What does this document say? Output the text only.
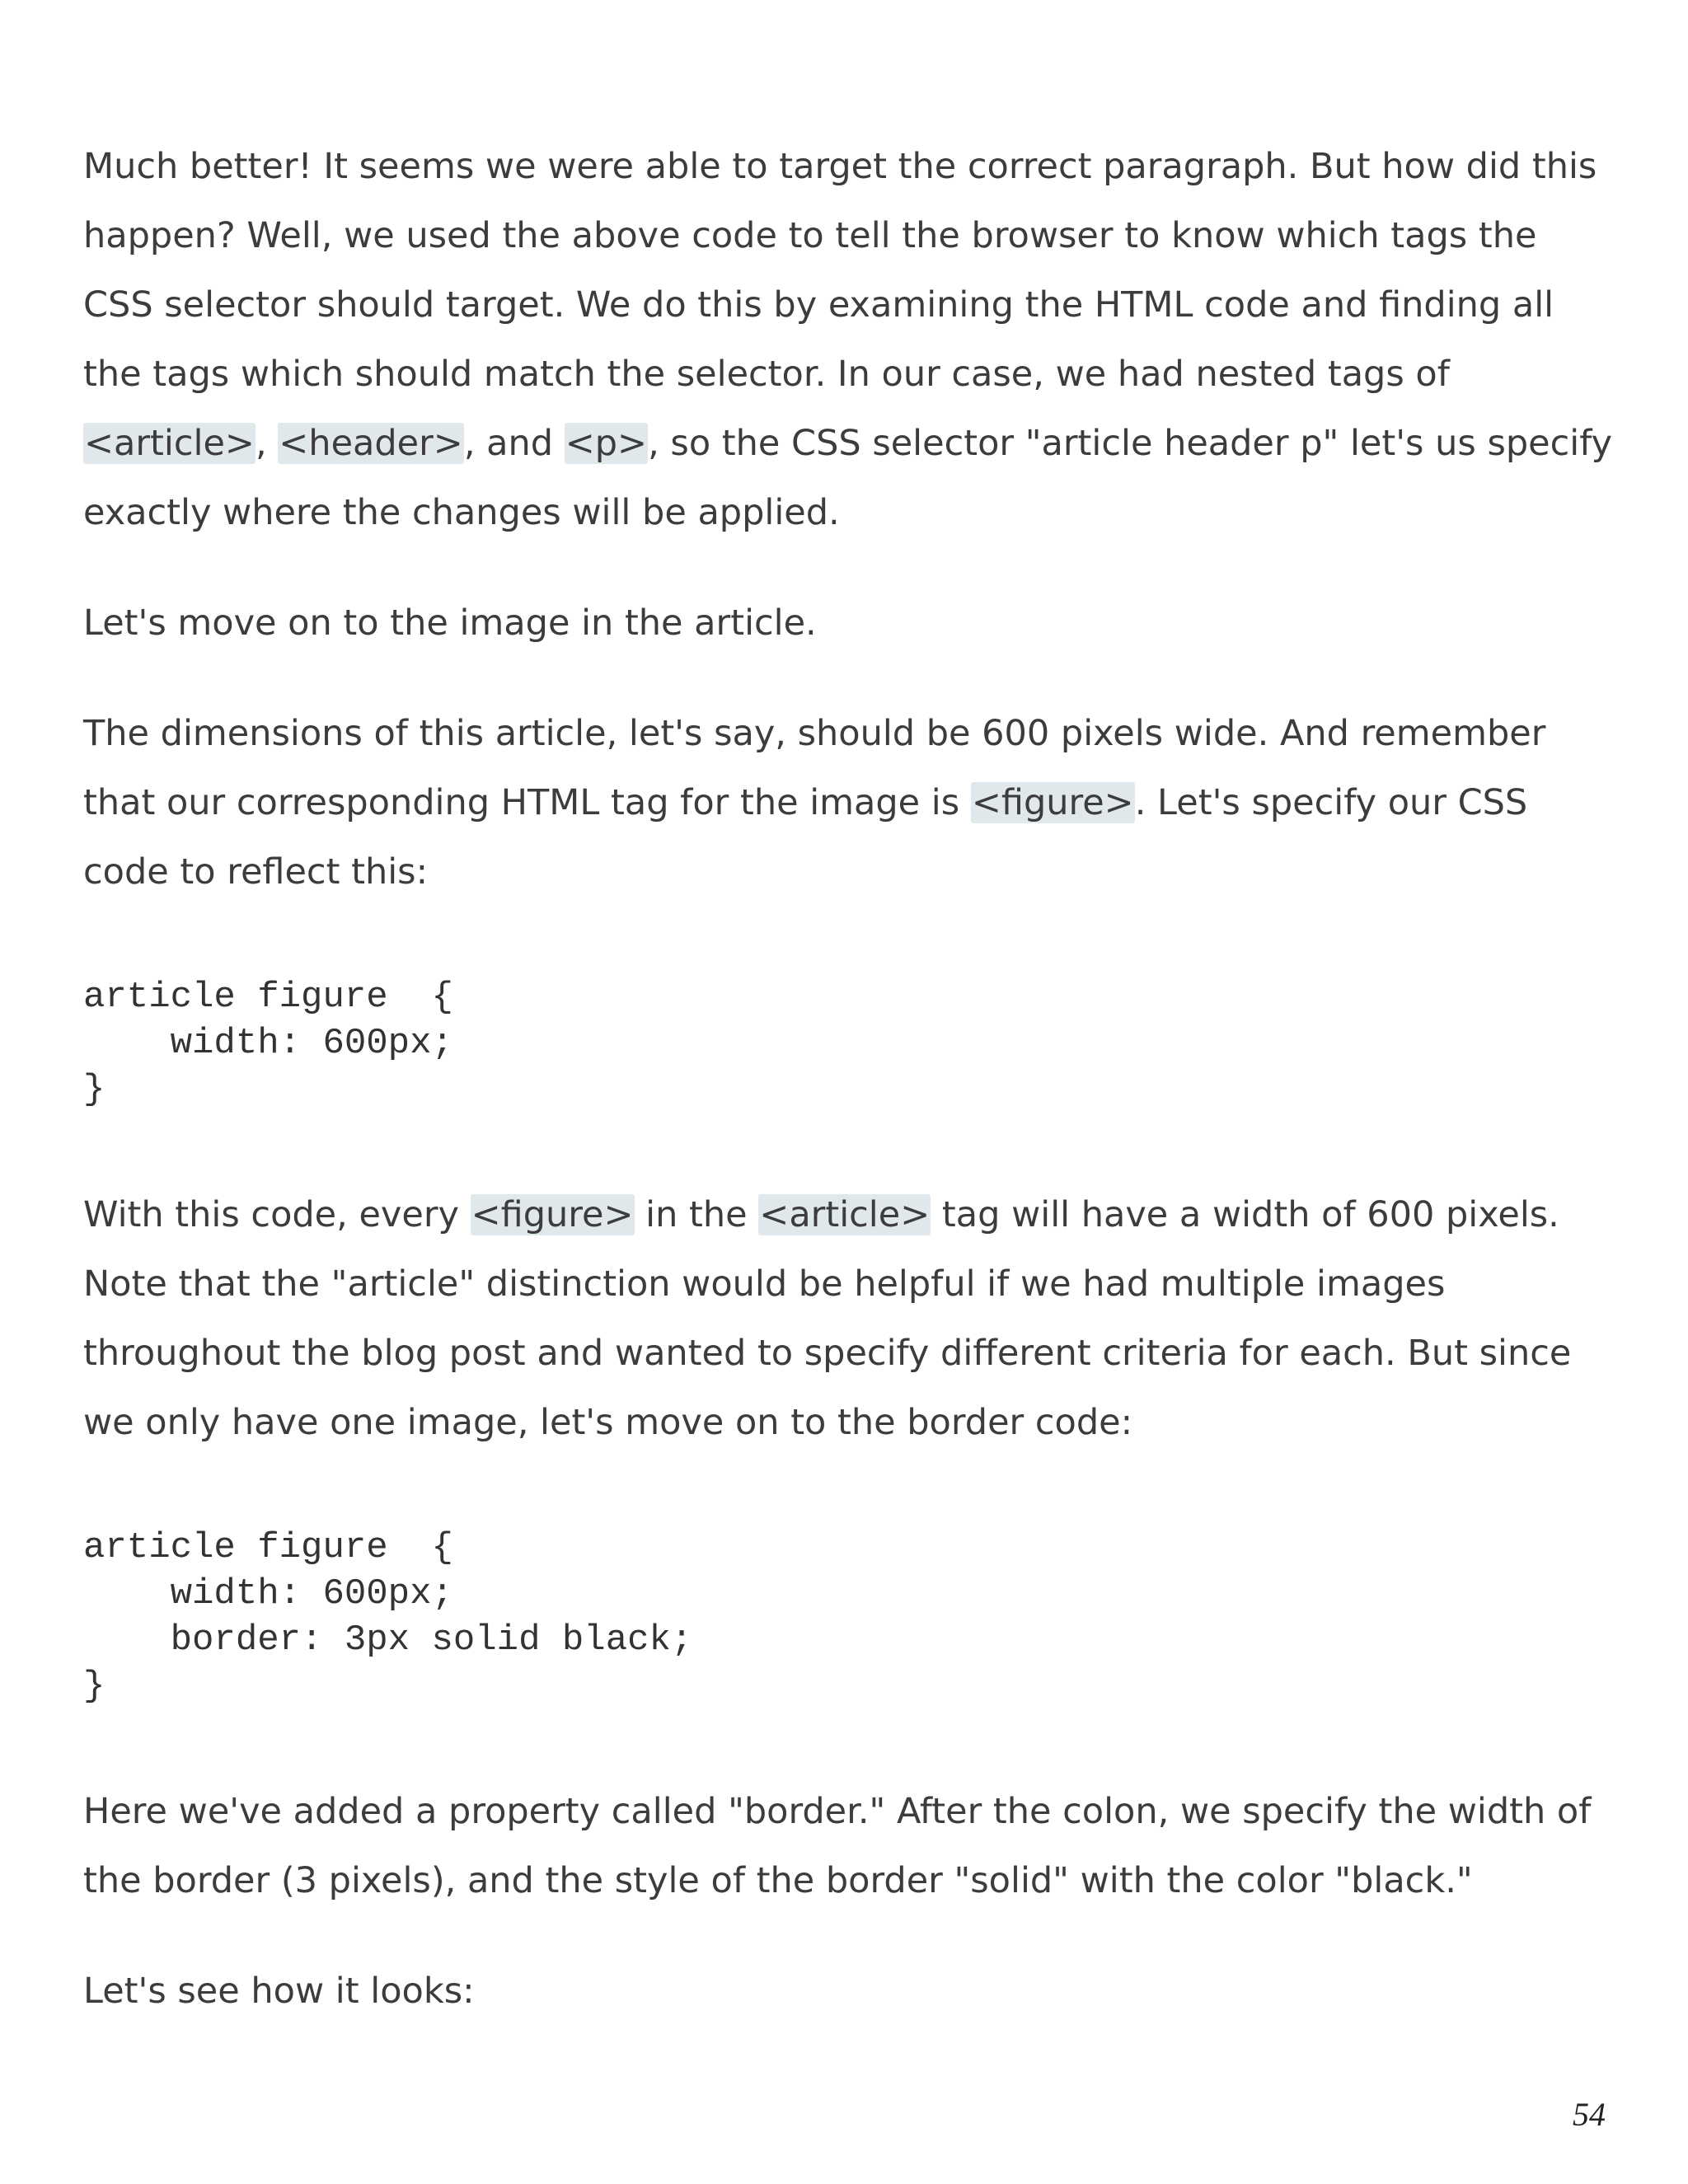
Much better! It seems we were able to target the correct paragraph. But how did this happen? Well, we used the above code to tell the browser to know which tags the CSS selector should target. We do this by examining the HTML code and finding all the tags which should match the selector. In our case, we had nested tags of <article>, <header>, and <p>, so the CSS selector "article header p" let's us specify exactly where the changes will be applied.

Let's move on to the image in the article.

The dimensions of this article, let's say, should be 600 pixels wide. And remember that our corresponding HTML tag for the image is <figure>. Let's specify our CSS code to reflect this:

article figure  {
width: 600px;
}

With this code, every <figure> in the <article> tag will have a width of 600 pixels. Note that the "article" distinction would be helpful if we had multiple images throughout the blog post and wanted to specify different criteria for each. But since we only have one image, let's move on to the border code:

article figure  {
width: 600px;
border: 3px solid black;
}

Here we've added a property called "border." After the colon, we specify the width of the border (3 pixels), and the style of the border "solid" with the color "black."

Let's see how it looks:

54
